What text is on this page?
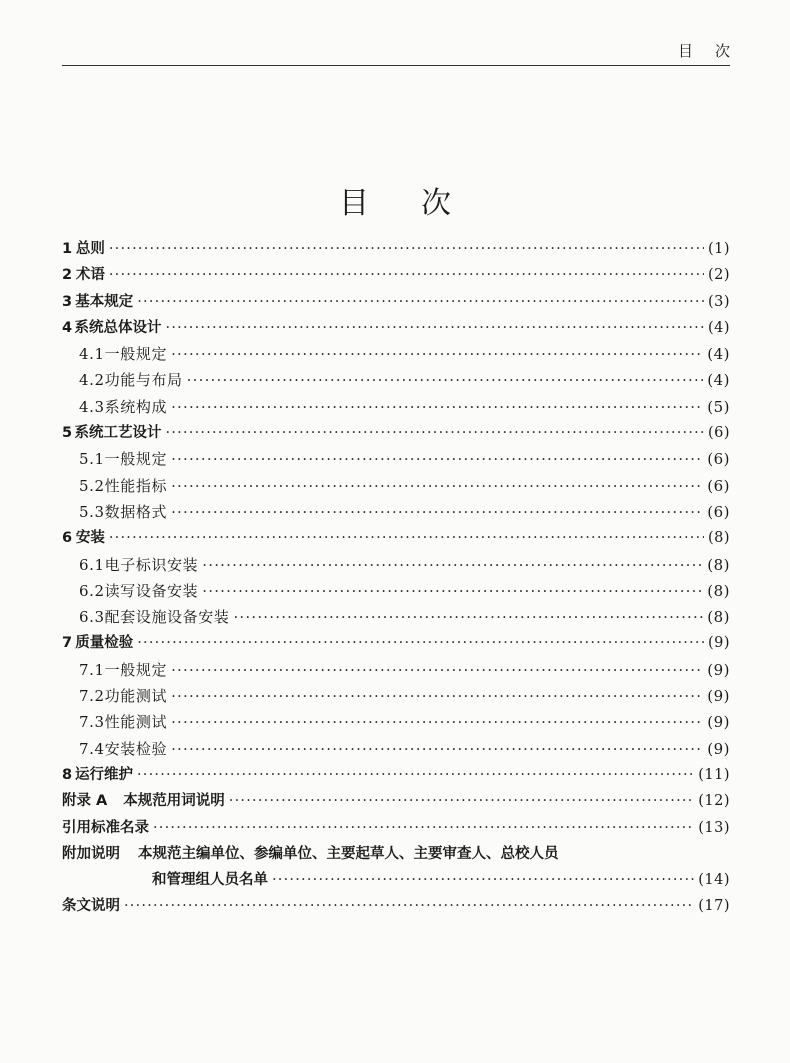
目次
目次
1 总则 ·····	(1)
2 术语 ·····	(2)
3 基本规定 ·····	(3)
4 系统总体设计 ·····	(4)
4.1 一般规定 ·····	(4)
4.2 功能与布局 ·····	(4)
4.3 系统构成 ·····	(5)
5 系统工艺设计 ·····	(6)
5.1 一般规定 ·····	(6)
5.2 性能指标 ·····	(6)
5.3 数据格式 ·····	(6)
6 安装 ·····	(8)
6.1 电子标识安装 ·····	(8)
6.2 读写设备安装 ·····	(8)
6.3 配套设施设备安装 ·····	(8)
7 质量检验 ·····	(9)
7.1 一般规定 ·····	(9)
7.2 功能测试 ·····	(9)
7.3 性能测试 ·····	(9)
7.4 安装检验 ·····	(9)
8 运行维护 ·····	(11)
附录 A 本规范用词说明 ·····	(12)
引用标准名录 ·····	(13)
附加说明 本规范主编单位、参编单位、主要起草人、主要审查人、总校人员
和管理组人员名单 ·····	(14)
条文说明 ·····	(17)
